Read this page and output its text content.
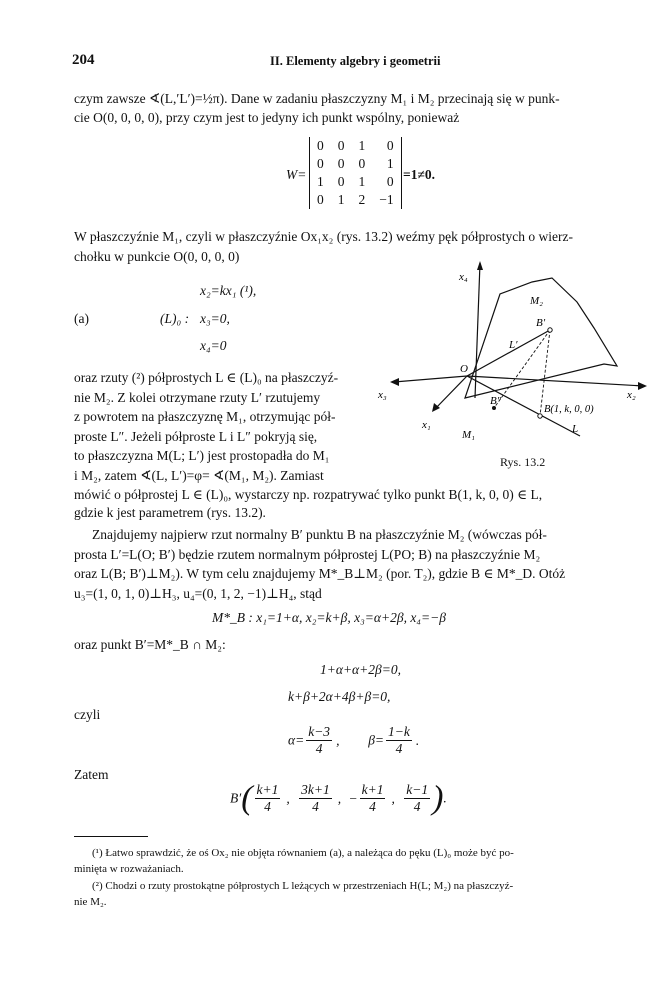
204	II. Elementy algebry i geometrii
czym zawsze ∢(L,′L′)=½π). Dane w zadaniu płaszczyzny M₁ i M₂ przecinają się w punk-
cie O(0, 0, 0, 0), przy czym jest to jedyny ich punkt wspólny, ponieważ
W=
0	0	1	0
0	0	0	1
1	0	1	0
0	1	2	−1
=1≠0.
W płaszczyźnie M₁, czyli w płaszczyźnie Ox₁x₂ (rys. 13.2) weźmy pęk półprostych o wierz-
chołku w punkcie O(0, 0, 0, 0)
x₂=kx₁ (¹),
(a)	(L)₀ : x₃=0,
x₄=0
oraz rzuty (²) półprostych L ∈ (L)₀ na płaszczyź-
nie M₂. Z kolei otrzymane rzuty L′ rzutujemy
z powrotem na płaszczyznę M₁, otrzymując pół-
proste L″. Jeżeli półproste L i L″ pokryją się,
to płaszczyzna M(L; L′) jest prostopadła do M₁
i M₂, zatem ∢(L, L′)=φ= ∢(M₁, M₂). Zamiast
mówić o półprostej L ∈ (L)₀, wystarczy np. rozpatrywać tylko punkt B(1, k, 0, 0) ∈ L,
gdzie k jest parametrem (rys. 13.2).
x₄
M₂
B′
L′
O
x₂
x₃	B″
B(1, k, 0, 0)
x₁
M₁	L
Rys. 13.2
Znajdujemy najpierw rzut normalny B′ punktu B na płaszczyźnie M₂ (wówczas pół-
prosta L′=L(O; B′) będzie rzutem normalnym półprostej L(PO; B) na płaszczyźnie M₂
oraz L(B; B′)⊥M₂). W tym celu znajdujemy M*_B⊥M₂ (por. T₂), gdzie B ∈ M*_D. Otóż
u₃=(1, 0, 1, 0)⊥H₃, u₄=(0, 1, 2, −1)⊥H₄, stąd
M*_B : x₁=1+α, x₂=k+β, x₃=α+2β, x₄=−β
oraz punkt B′=M*_B ∩ M₂:
1+α+α+2β=0,
k+β+2α+4β+β=0,
czyli
$\alpha= \frac{k-3}{4}$ , $\beta= \frac{1-k}{4}$ .
Zatem
$B'( \frac{k+1}{4}$ , $\frac{3k+1}{4}$ , − $\frac{k+1}{4}$ , $\frac{k-1}{4}$ ).
(¹) Łatwo sprawdzić, że oś Ox₂ nie objęta równaniem (a), a należąca do pęku (L)₀ może być po-
minięta w rozważaniach.
(²) Chodzi o rzuty prostokątne półprostych L leżących w przestrzeniach H(L; M₂) na płaszczyź-
nie M₂.
